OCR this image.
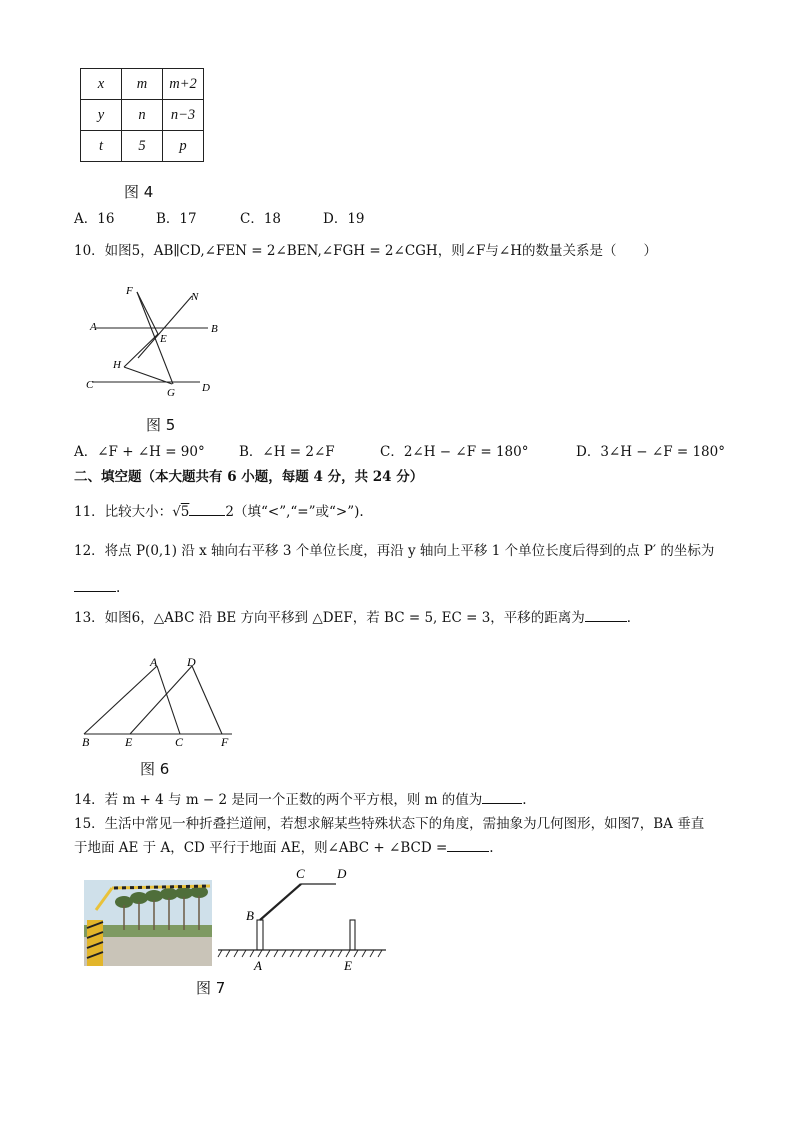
x	m	m+2
y	n	n−3
t	5	p
图 4
A．16	B．17	C．18	D．19
10．如图5，AB∥CD,∠FEN = 2∠BEN,∠FGH = 2∠CGH，则∠F与∠H的数量关系是（　　）
F	N
A	B
E
H
C
G D
图 5
A．∠F + ∠H = 90°	B．∠H = 2∠F	C．2∠H − ∠F = 180°	D．3∠H − ∠F = 180°
二、填空题（本大题共有 6 小题，每题 4 分，共 24 分）
11．比较大小：√5	2（填“<”,“=”或“>”).
12．将点 P(0,1) 沿 x 轴向右平移 3 个单位长度，再沿 y 轴向上平移 1 个单位长度后得到的点 P′ 的坐标为
.
13．如图6，△ABC 沿 BE 方向平移到 △DEF，若 BC = 5, EC = 3，平移的距离为	．
A D
B	E	C	F
图 6
14．若 m + 4 与 m − 2 是同一个正数的两个平方根，则 m 的值为	.
15．生活中常见一种折叠拦道闸，若想求解某些特殊状态下的角度，需抽象为几何图形，如图7，BA 垂直
于地面 AE 于 A，CD 平行于地面 AE，则∠ABC + ∠BCD =	.
C D
B
A	E
图 7
